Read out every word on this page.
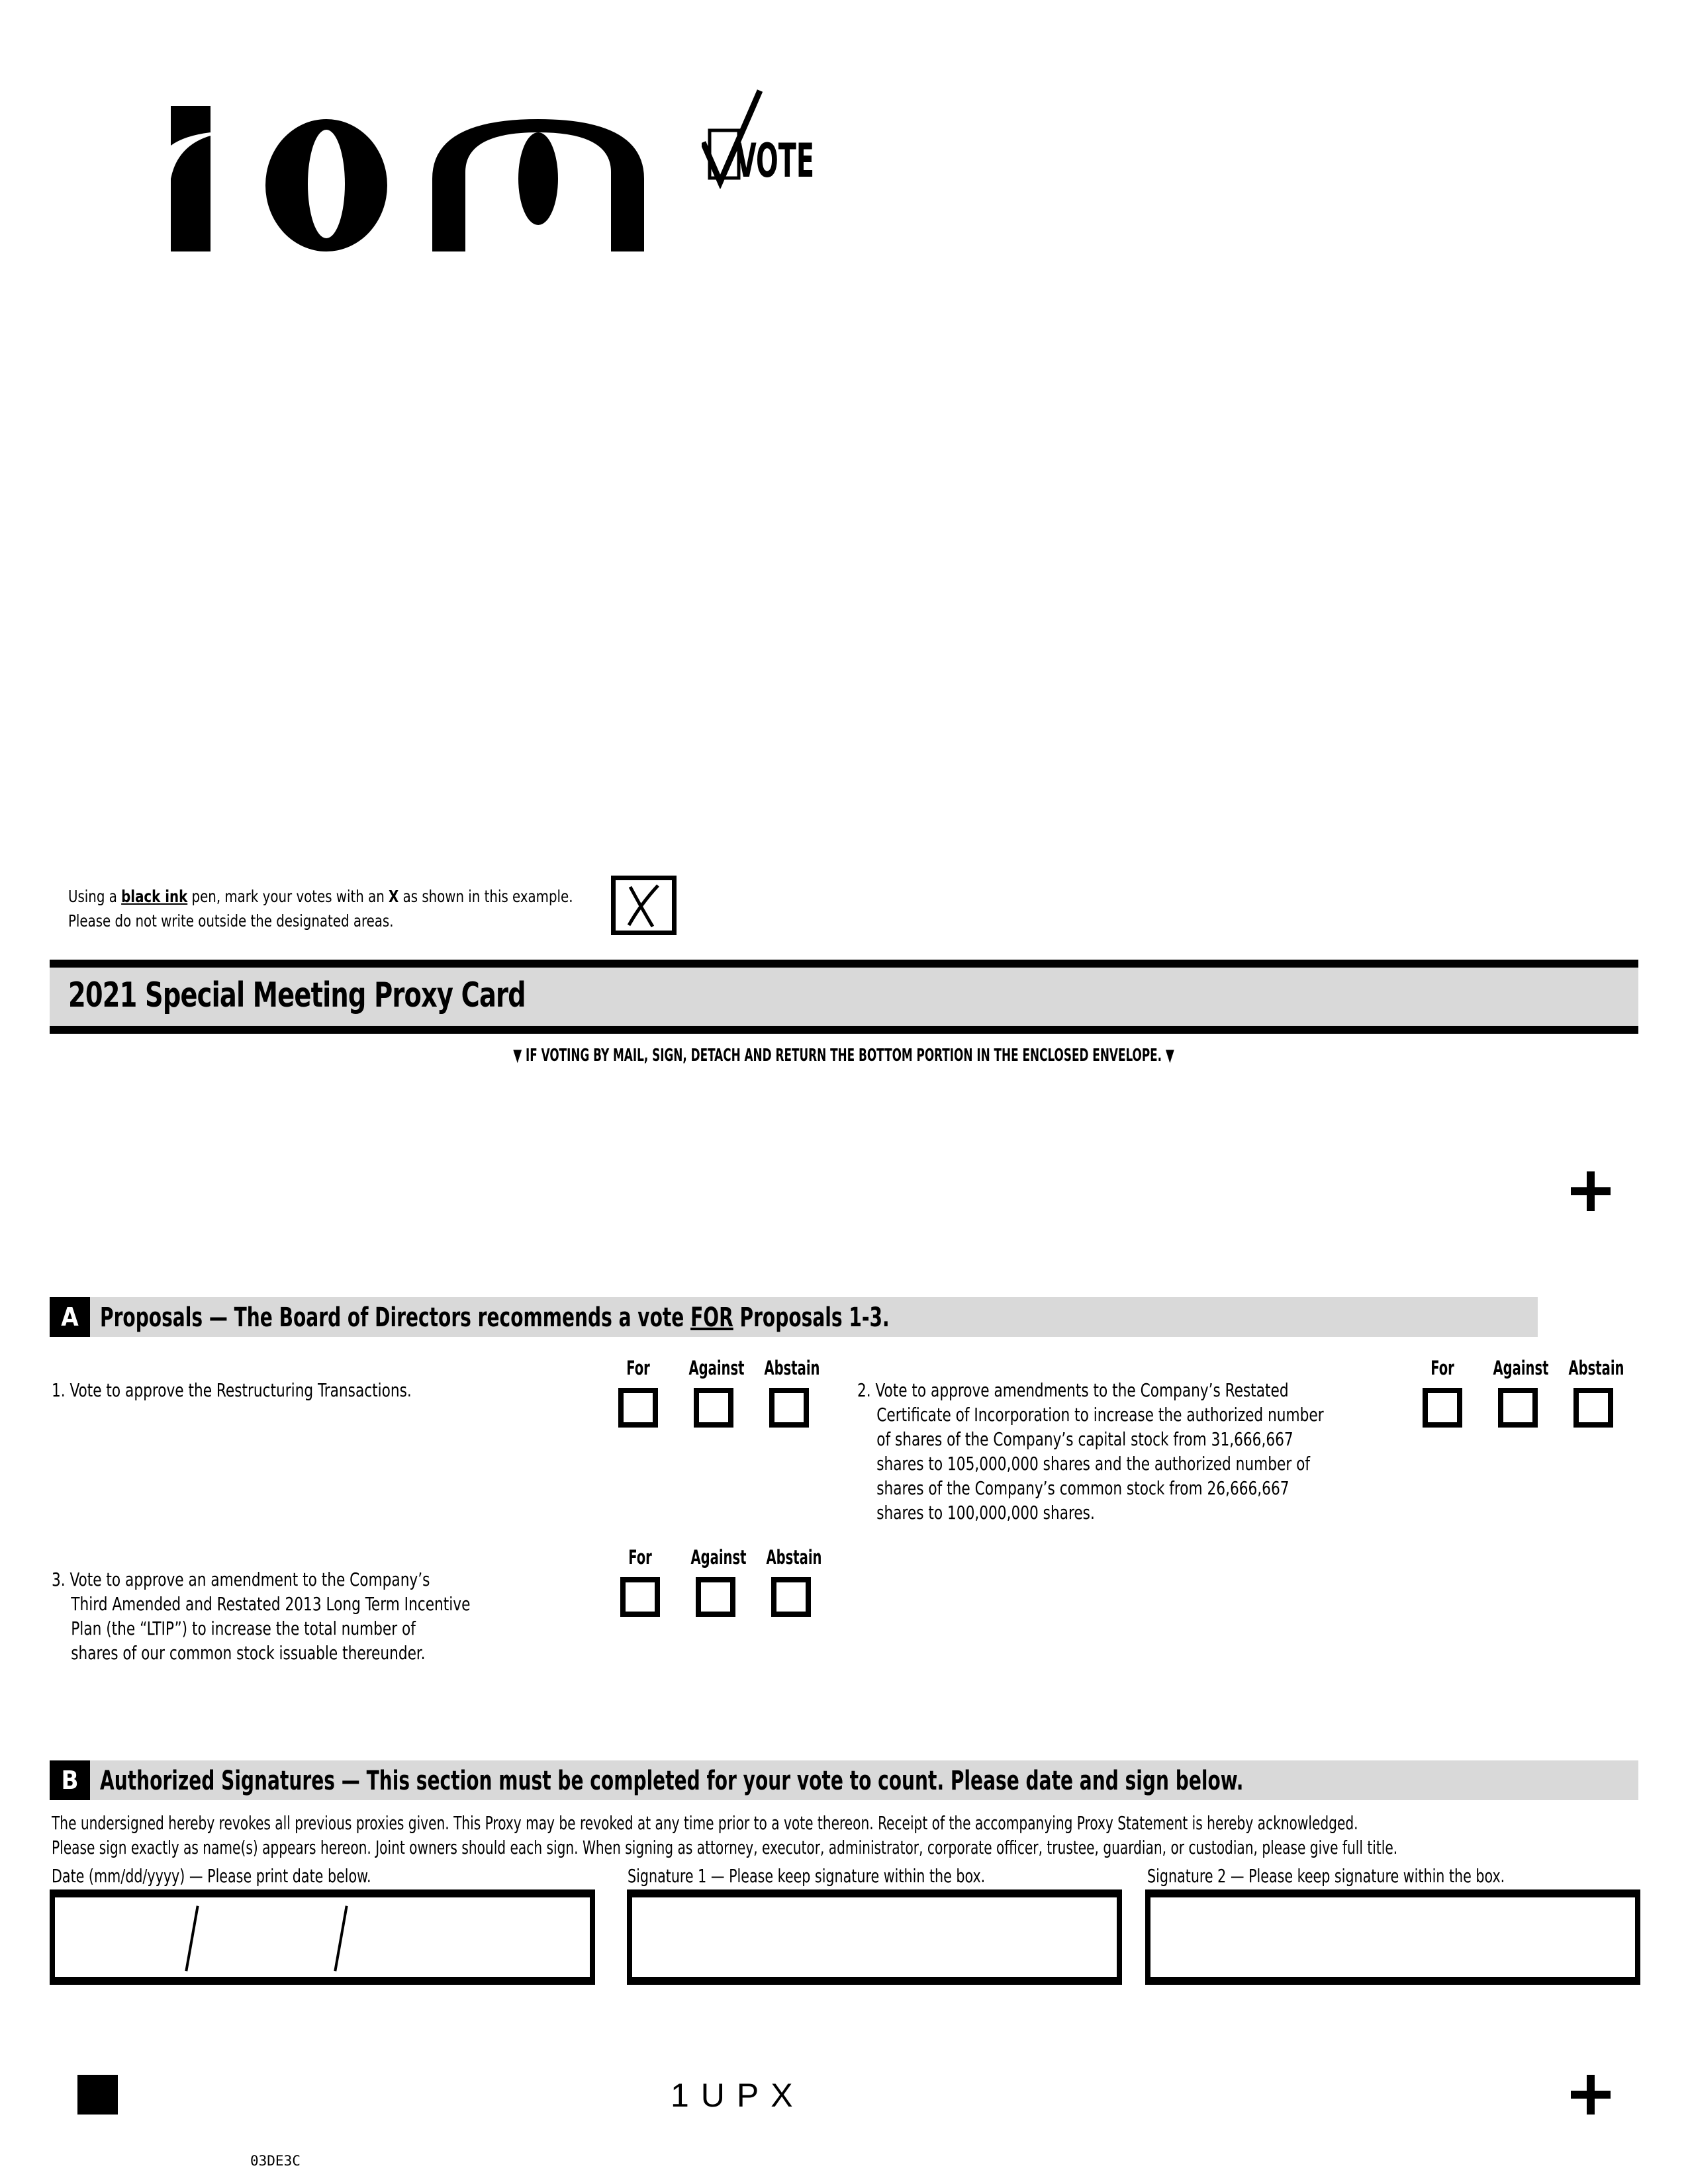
VOTE
Using a black ink pen, mark your votes with an X as shown in this example.
Please do not write outside the designated areas.
2021 Special Meeting Proxy Card
▼ IF VOTING BY MAIL, SIGN, DETACH AND RETURN THE BOTTOM PORTION IN THE ENCLOSED ENVELOPE. ▼
A Proposals — The Board of Directors recommends a vote FOR Proposals 1-3.
1. Vote to approve the Restructuring Transactions.
For	Against Abstain
2. Vote to approve amendments to the Company’s Restated
Certificate of Incorporation to increase the authorized number
of shares of the Company’s capital stock from 31,666,667
shares to 105,000,000 shares and the authorized number of
shares of the Company’s common stock from 26,666,667
shares to 100,000,000 shares.
For	Against Abstain
3. Vote to approve an amendment to the Company’s
Third Amended and Restated 2013 Long Term Incentive
Plan (the “LTIP”) to increase the total number of
shares of our common stock issuable thereunder.
For	Against Abstain
B Authorized Signatures — This section must be completed for your vote to count. Please date and sign below.
The undersigned hereby revokes all previous proxies given. This Proxy may be revoked at any time prior to a vote thereon. Receipt of the accompanying Proxy Statement is hereby acknowledged.
Please sign exactly as name(s) appears hereon. Joint owners should each sign. When signing as attorney, executor, administrator, corporate officer, trustee, guardian, or custodian, please give full title.
Date (mm/dd/yyyy) — Please print date below.	Signature 1 — Please keep signature within the box.	Signature 2 — Please keep signature within the box.
1UPX
03DE3C
